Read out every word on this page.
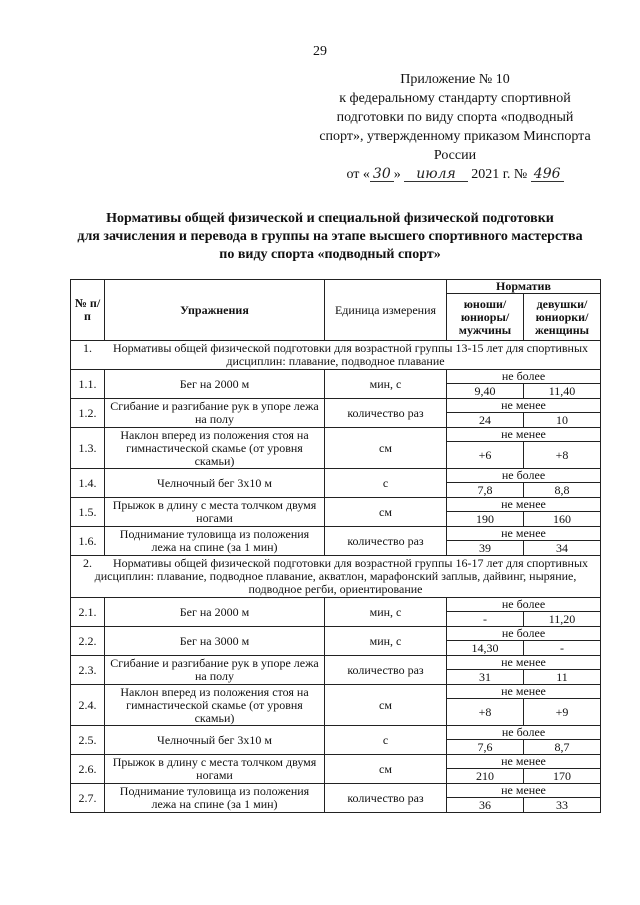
29
Приложение № 10
к федеральному стандарту спортивной
подготовки по виду спорта «подводный
спорт», утвержденному приказом Минспорта
России
от « 30 » июля 2021 г. № 496
Нормативы общей физической и специальной физической подготовки
для зачисления и перевода в группы на этапе высшего спортивного мастерства
по виду спорта «подводный спорт»
№ п/п	Упражнения	Единица измерения	Норматив	
			юноши/ юниоры/ мужчины	девушки/ юниорки/ женщины
1.       Нормативы общей физической подготовки для возрастной группы 13-15 лет для спортивных дисциплин: плавание, подводное плавание				
1.1.	Бег на 2000 м	мин, с	не более	
			9,40	11,40
1.2.	Сгибание и разгибание рук в упоре лежа на полу	количество раз	не менее	
			24	10
1.3.	Наклон вперед из положения стоя на гимнастической скамье (от уровня скамьи)	см	не менее	
			+6	+8
1.4.	Челночный бег 3x10 м	с	не более	
			7,8	8,8
1.5.	Прыжок в длину с места толчком двумя ногами	см	не менее	
			190	160
1.6.	Поднимание туловища из положения лежа на спине (за 1 мин)	количество раз	не менее	
			39	34
2.       Нормативы общей физической подготовки для возрастной группы 16-17 лет для спортивных дисциплин: плавание, подводное плавание, акватлон, марафонский заплыв, дайвинг, ныряние, подводное регби, ориентирование				
2.1.	Бег на 2000 м	мин, с	не более	
			-	11,20
2.2.	Бег на 3000 м	мин, с	не более	
			14,30	-
2.3.	Сгибание и разгибание рук в упоре лежа на полу	количество раз	не менее	
			31	11
2.4.	Наклон вперед из положения стоя на гимнастической скамье (от уровня скамьи)	см	не менее	
			+8	+9
2.5.	Челночный бег 3x10 м	с	не более	
			7,6	8,7
2.6.	Прыжок в длину с места толчком двумя ногами	см	не менее	
			210	170
2.7.	Поднимание туловища из положения лежа на спине (за 1 мин)	количество раз	не менее	
			36	33
